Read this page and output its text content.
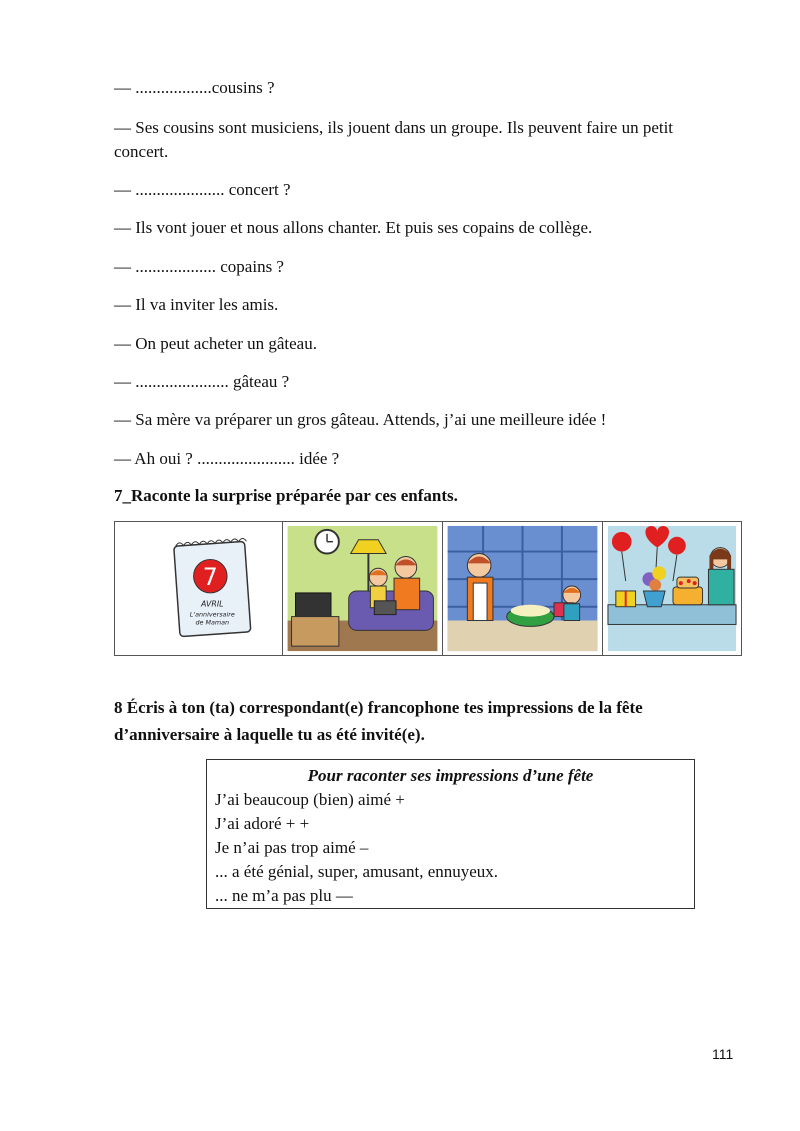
— ..................cousins ?

— Ses cousins sont musiciens, ils jouent dans un groupe. Ils peuvent faire un petit concert.

— ..................... concert ?

— Ils vont jouer et nous allons chanter. Et puis ses copains de collège.

— ................... copains ?

— Il va inviter les amis.

— On peut acheter un gâteau.

— ...................... gâteau ?

— Sa mère va préparer un gros gâteau. Attends, j’ai une meilleure idée !

— Ah oui ? ....................... idée ?

7_Raconte la surprise préparée par ces enfants.

7
AVRIL
L'anniversaire
de Maman

8 Écris à ton (ta) correspondant(e) francophone tes impressions de la fête

d’anniversaire à laquelle tu as été invité(e).

Pour raconter ses impressions d’une fête
J’ai beaucoup (bien) aimé +
J’ai adoré + +
Je n’ai pas trop aimé –
... a été génial, super, amusant, ennuyeux.
... ne m’a pas plu —
111
